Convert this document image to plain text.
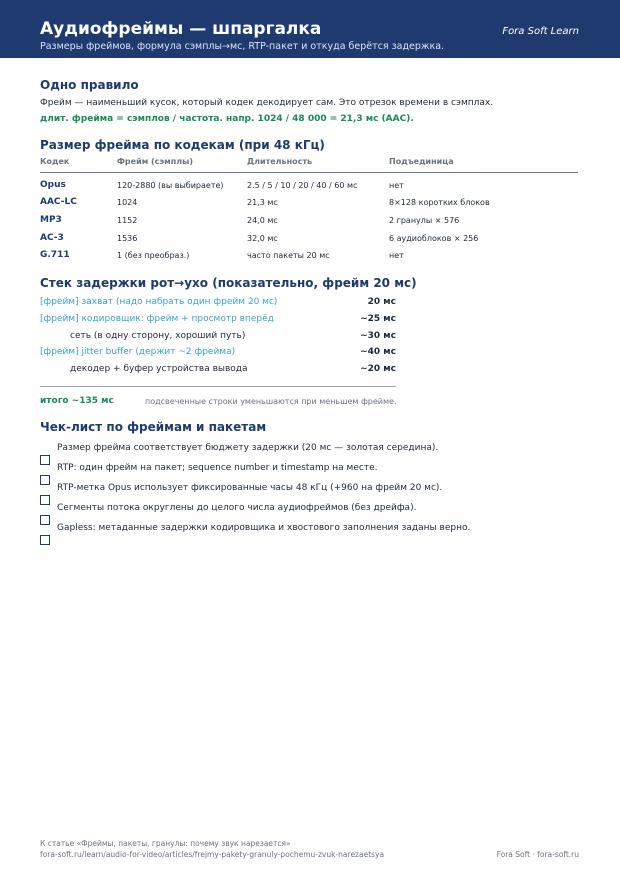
Аудиофреймы — шпаргалка	Fora Soft Learn
Размеры фреймов, формула сэмплы→мс, RTP-пакет и откуда берётся задержка.
Одно правило
Фрейм — наименьший кусок, который кодек декодирует сам. Это отрезок времени в сэмплах.
длит. фрейма = сэмплов / частота. напр. 1024 / 48 000 = 21,3 мс (AAC).
Размер фрейма по кодекам (при 48 кГц)
Кодек	Фрейм (сэмплы)	Длительность	Подъединица
Opus	120-2880 (вы выбираете)	2.5 / 5 / 10 / 20 / 40 / 60 мс	нет
AAC-LC	1024	21,3 мс	8×128 коротких блоков
MP3	1152	24,0 мс	2 гранулы × 576
AC-3	1536	32,0 мс	6 аудиоблоков × 256
G.711	1 (без преобраз.)	часто пакеты 20 мс	нет
Стек задержки рот→ухо (показательно, фрейм 20 мс)
[фрейм] захват (надо набрать один фрейм 20 мс)	20 мс
[фрейм] кодировщик: фрейм + просмотр вперёд	~25 мс
сеть (в одну сторону, хороший путь)	~30 мс
[фрейм] jitter buffer (держит ~2 фрейма)	~40 мс
декодер + буфер устройства вывода	~20 мс
итого ~135 мс	подсвеченные строки уменьшаются при меньшем фрейме.
Чек-лист по фреймам и пакетам
Размер фрейма соответствует бюджету задержки (20 мс — золотая середина).
RTP: один фрейм на пакет; sequence number и timestamp на месте.
RTP-метка Opus использует фиксированные часы 48 кГц (+960 на фрейм 20 мс).
Сегменты потока округлены до целого числа аудиофреймов (без дрейфа).
Gapless: метаданные задержки кодировщика и хвостового заполнения заданы верно.
К статье «Фреймы, пакеты, гранулы: почему звук нарезается»
fora-soft.ru/learn/audio-for-video/articles/frejmy-pakety-granuly-pochemu-zvuk-narezaetsya	Fora Soft · fora-soft.ru
